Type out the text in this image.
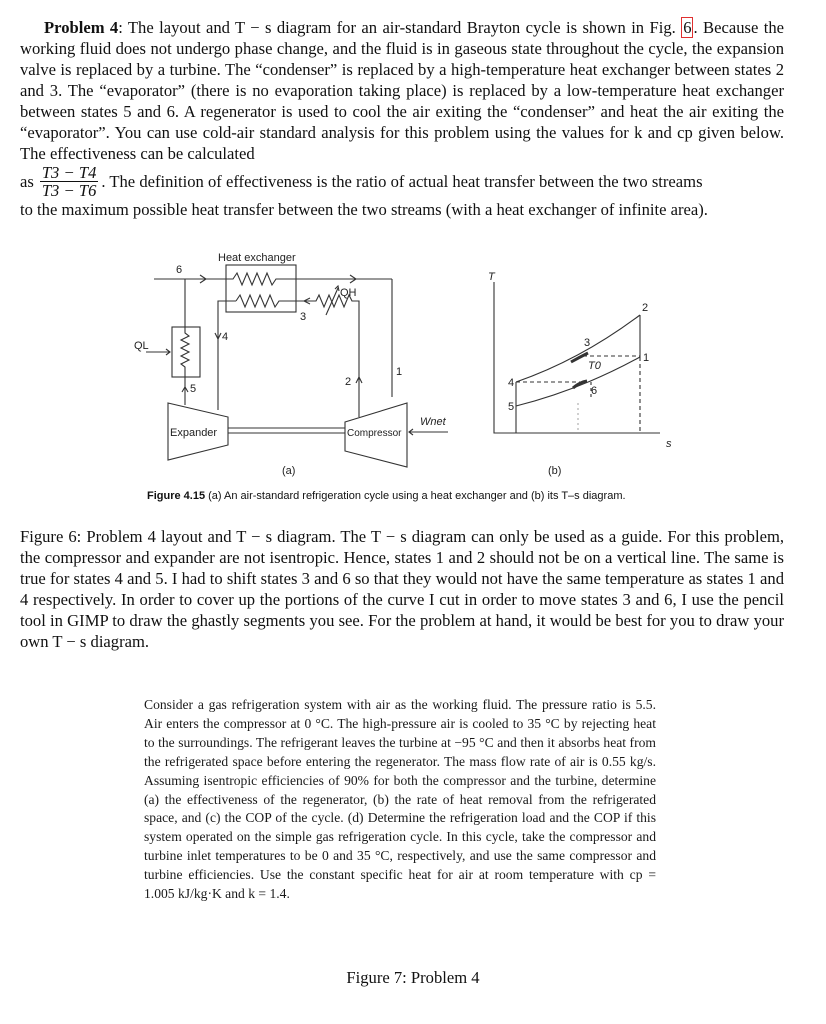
Problem 4: The layout and T − s diagram for an air-standard Brayton cycle is shown in Fig. 6 . Because the working fluid does not undergo phase change, and the fluid is in gaseous state throughout the cycle, the expansion valve is replaced by a turbine. The “condenser” is replaced by a high-temperature heat exchanger between states 2 and 3. The “evaporator” (there is no evaporation taking place) is replaced by a low-temperature heat exchanger between states 5 and 6. A regenerator is used to cool the air exiting the “condenser” and heat the air exiting the “evaporator”. You can use cold-air standard analysis for this problem using the values for k and cp given below. The effectiveness can be calculated

as $\frac{T3 - T4}{T3 - T6}$ . The definition of effectiveness is the ratio of actual heat transfer between the two streams
to the maximum possible heat transfer between the two streams (with a heat exchanger of infinite area).
Heat exchanger
6
3
4
5
2
1
QL
QH
Expander	Compressor
Wnet
T
s
2
1
3
6
4
5
T0
(a)	(b)
Figure 4.15 (a) An air-standard refrigeration cycle using a heat exchanger and (b) its T–s diagram.

Figure 6: Problem 4 layout and T − s diagram. The T − s diagram can only be used as a guide. For this problem, the compressor and expander are not isentropic. Hence, states 1 and 2 should not be on a vertical line. The same is true for states 4 and 5. I had to shift states 3 and 6 so that they would not have the same temperature as states 1 and 4 respectively. In order to cover up the portions of the curve I cut in order to move states 3 and 6, I use the pencil tool in GIMP to draw the ghastly segments you see. For the problem at hand, it would be best for you to draw your own T − s diagram.

Consider a gas refrigeration system with air as the working fluid. The pressure ratio is 5.5. Air enters the compressor at 0 °C. The high-pressure air is cooled to 35 °C by rejecting heat to the surroundings. The refrigerant leaves the turbine at −95 °C and then it absorbs heat from the refrigerated space before entering the regenerator. The mass flow rate of air is 0.55 kg/s. Assuming isentropic efficiencies of 90% for both the compressor and the turbine, determine (a) the effectiveness of the regenerator, (b) the rate of heat removal from the refrigerated space, and (c) the COP of the cycle. (d) Determine the refrigeration load and the COP if this system operated on the simple gas refrigeration cycle. In this cycle, take the compressor and turbine inlet temperatures to be 0 and 35 °C, respectively, and use the same compressor and turbine efficiencies. Use the constant specific heat for air at room temperature with cp = 1.005 kJ/kg·K and k = 1.4.

Figure 7: Problem 4
